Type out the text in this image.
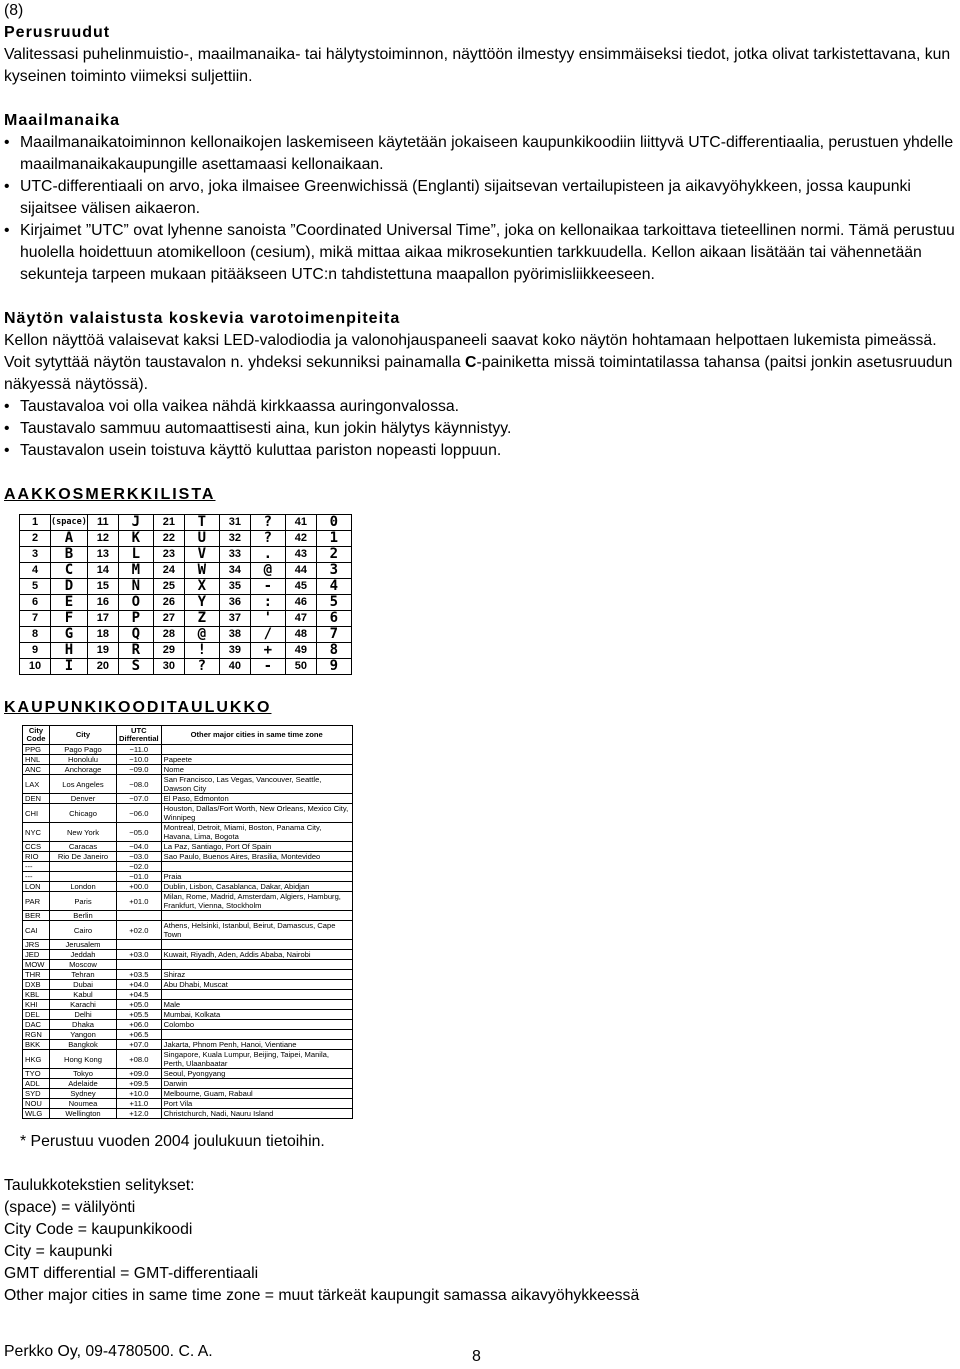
(8)

Perusruudut

Valitessasi puhelinmuistio-, maailmanaika- tai hälytystoiminnon, näyttöön ilmestyy ensimmäiseksi tiedot, jotka olivat tarkistettavana, kun kyseinen toiminto viimeksi suljettiin.

Maailmanaika

• Maailmanaikatoiminnon kellonaikojen laskemiseen käytetään jokaiseen kaupunkikoodiin liittyvä UTC-differentiaalia, perustuen yhdelle maailmanaikakaupungille asettamaasi kellonaikaan.
• UTC-differentiaali on arvo, joka ilmaisee Greenwichissä (Englanti) sijaitsevan vertailupisteen ja aikavyöhykkeen, jossa kaupunki sijaitsee välisen aikaeron.
• Kirjaimet ”UTC” ovat lyhenne sanoista ”Coordinated Universal Time”, joka on kellonaikaa tarkoittava tieteellinen normi. Tämä perustuu huolella hoidettuun atomikelloon (cesium), mikä mittaa aikaa mikrosekuntien tarkkuudella. Kellon aikaan lisätään tai vähennetään sekunteja tarpeen mukaan pitääkseen UTC:n tahdistettuna maapallon pyörimisliikkeeseen.

Näytön valaistusta koskevia varotoimenpiteita

Kellon näyttöä valaisevat kaksi LED-valodiodia ja valonohjauspaneeli saavat koko näytön hohtamaan helpottaen lukemista pimeässä. Voit sytyttää näytön taustavalon n. yhdeksi sekunniksi painamalla C-painiketta missä toimintatilassa tahansa (paitsi jonkin asetusruudun näkyessä näytössä).

• Taustavaloa voi olla vaikea nähdä kirkkaassa auringonvalossa.
• Taustavalo sammuu automaattisesti aina, kun jokin hälytys käynnistyy.
• Taustavalon usein toistuva käyttö kuluttaa pariston nopeasti loppuun.

AAKKOSMERKKILISTA

1	(space)	11	J	21	T	31	?	41	0
2	A	12	K	22	U	32	?	42	1
3	B	13	L	23	V	33	.	43	2
4	C	14	M	24	W	34	@	44	3
5	D	15	N	25	X	35	-	45	4
6	E	16	O	26	Y	36	:	46	5
7	F	17	P	27	Z	37	'	47	6
8	G	18	Q	28	@	38	/	48	7
9	H	19	R	29	!	39	+	49	8
10	I	20	S	30	?	40	-	50	9

KAUPUNKIKOODITAULUKKO

City Code	City	UTC Differential	Other major cities in same time zone
PPG	Pago Pago	−11.0	
HNL	Honolulu	−10.0	Papeete
ANC	Anchorage	−09.0	Nome
LAX	Los Angeles	−08.0	San Francisco, Las Vegas, Vancouver, Seattle, Dawson City
DEN	Denver	−07.0	El Paso, Edmonton
CHI	Chicago	−06.0	Houston, Dallas/Fort Worth, New Orleans, Mexico City, Winnipeg
NYC	New York	−05.0	Montreal, Detroit, Miami, Boston, Panama City, Havana, Lima, Bogota
CCS	Caracas	−04.0	La Paz, Santiago, Port Of Spain
RIO	Rio De Janeiro	−03.0	Sao Paulo, Buenos Aires, Brasilia, Montevideo
---		−02.0	
---		−01.0	Praia
LON	London	+00.0	Dublin, Lisbon, Casablanca, Dakar, Abidjan
PAR	Paris	+01.0	Milan, Rome, Madrid, Amsterdam, Algiers, Hamburg, Frankfurt, Vienna, Stockholm
BER	Berlin		
CAI	Cairo	+02.0	Athens, Helsinki, Istanbul, Beirut, Damascus, Cape Town
JRS	Jerusalem		
JED	Jeddah	+03.0	Kuwait, Riyadh, Aden, Addis Ababa, Nairobi
MOW	Moscow		
THR	Tehran	+03.5	Shiraz
DXB	Dubai	+04.0	Abu Dhabi, Muscat
KBL	Kabul	+04.5	
KHI	Karachi	+05.0	Male
DEL	Delhi	+05.5	Mumbai, Kolkata
DAC	Dhaka	+06.0	Colombo
RGN	Yangon	+06.5	
BKK	Bangkok	+07.0	Jakarta, Phnom Penh, Hanoi, Vientiane
HKG	Hong Kong	+08.0	Singapore, Kuala Lumpur, Beijing, Taipei, Manila, Perth, Ulaanbaatar
TYO	Tokyo	+09.0	Seoul, Pyongyang
ADL	Adelaide	+09.5	Darwin
SYD	Sydney	+10.0	Melbourne, Guam, Rabaul
NOU	Noumea	+11.0	Port Vila
WLG	Wellington	+12.0	Christchurch, Nadi, Nauru Island

* Perustuu vuoden 2004 joulukuun tietoihin.

Taulukkotekstien selitykset:

(space) = välilyönti

City Code = kaupunkikoodi

City = kaupunki

GMT differential = GMT-differentiaali

Other major cities in same time zone = muut tärkeät kaupungit samassa aikavyöhykkeessä

Perkko Oy, 09-4780500. C. A.	8
